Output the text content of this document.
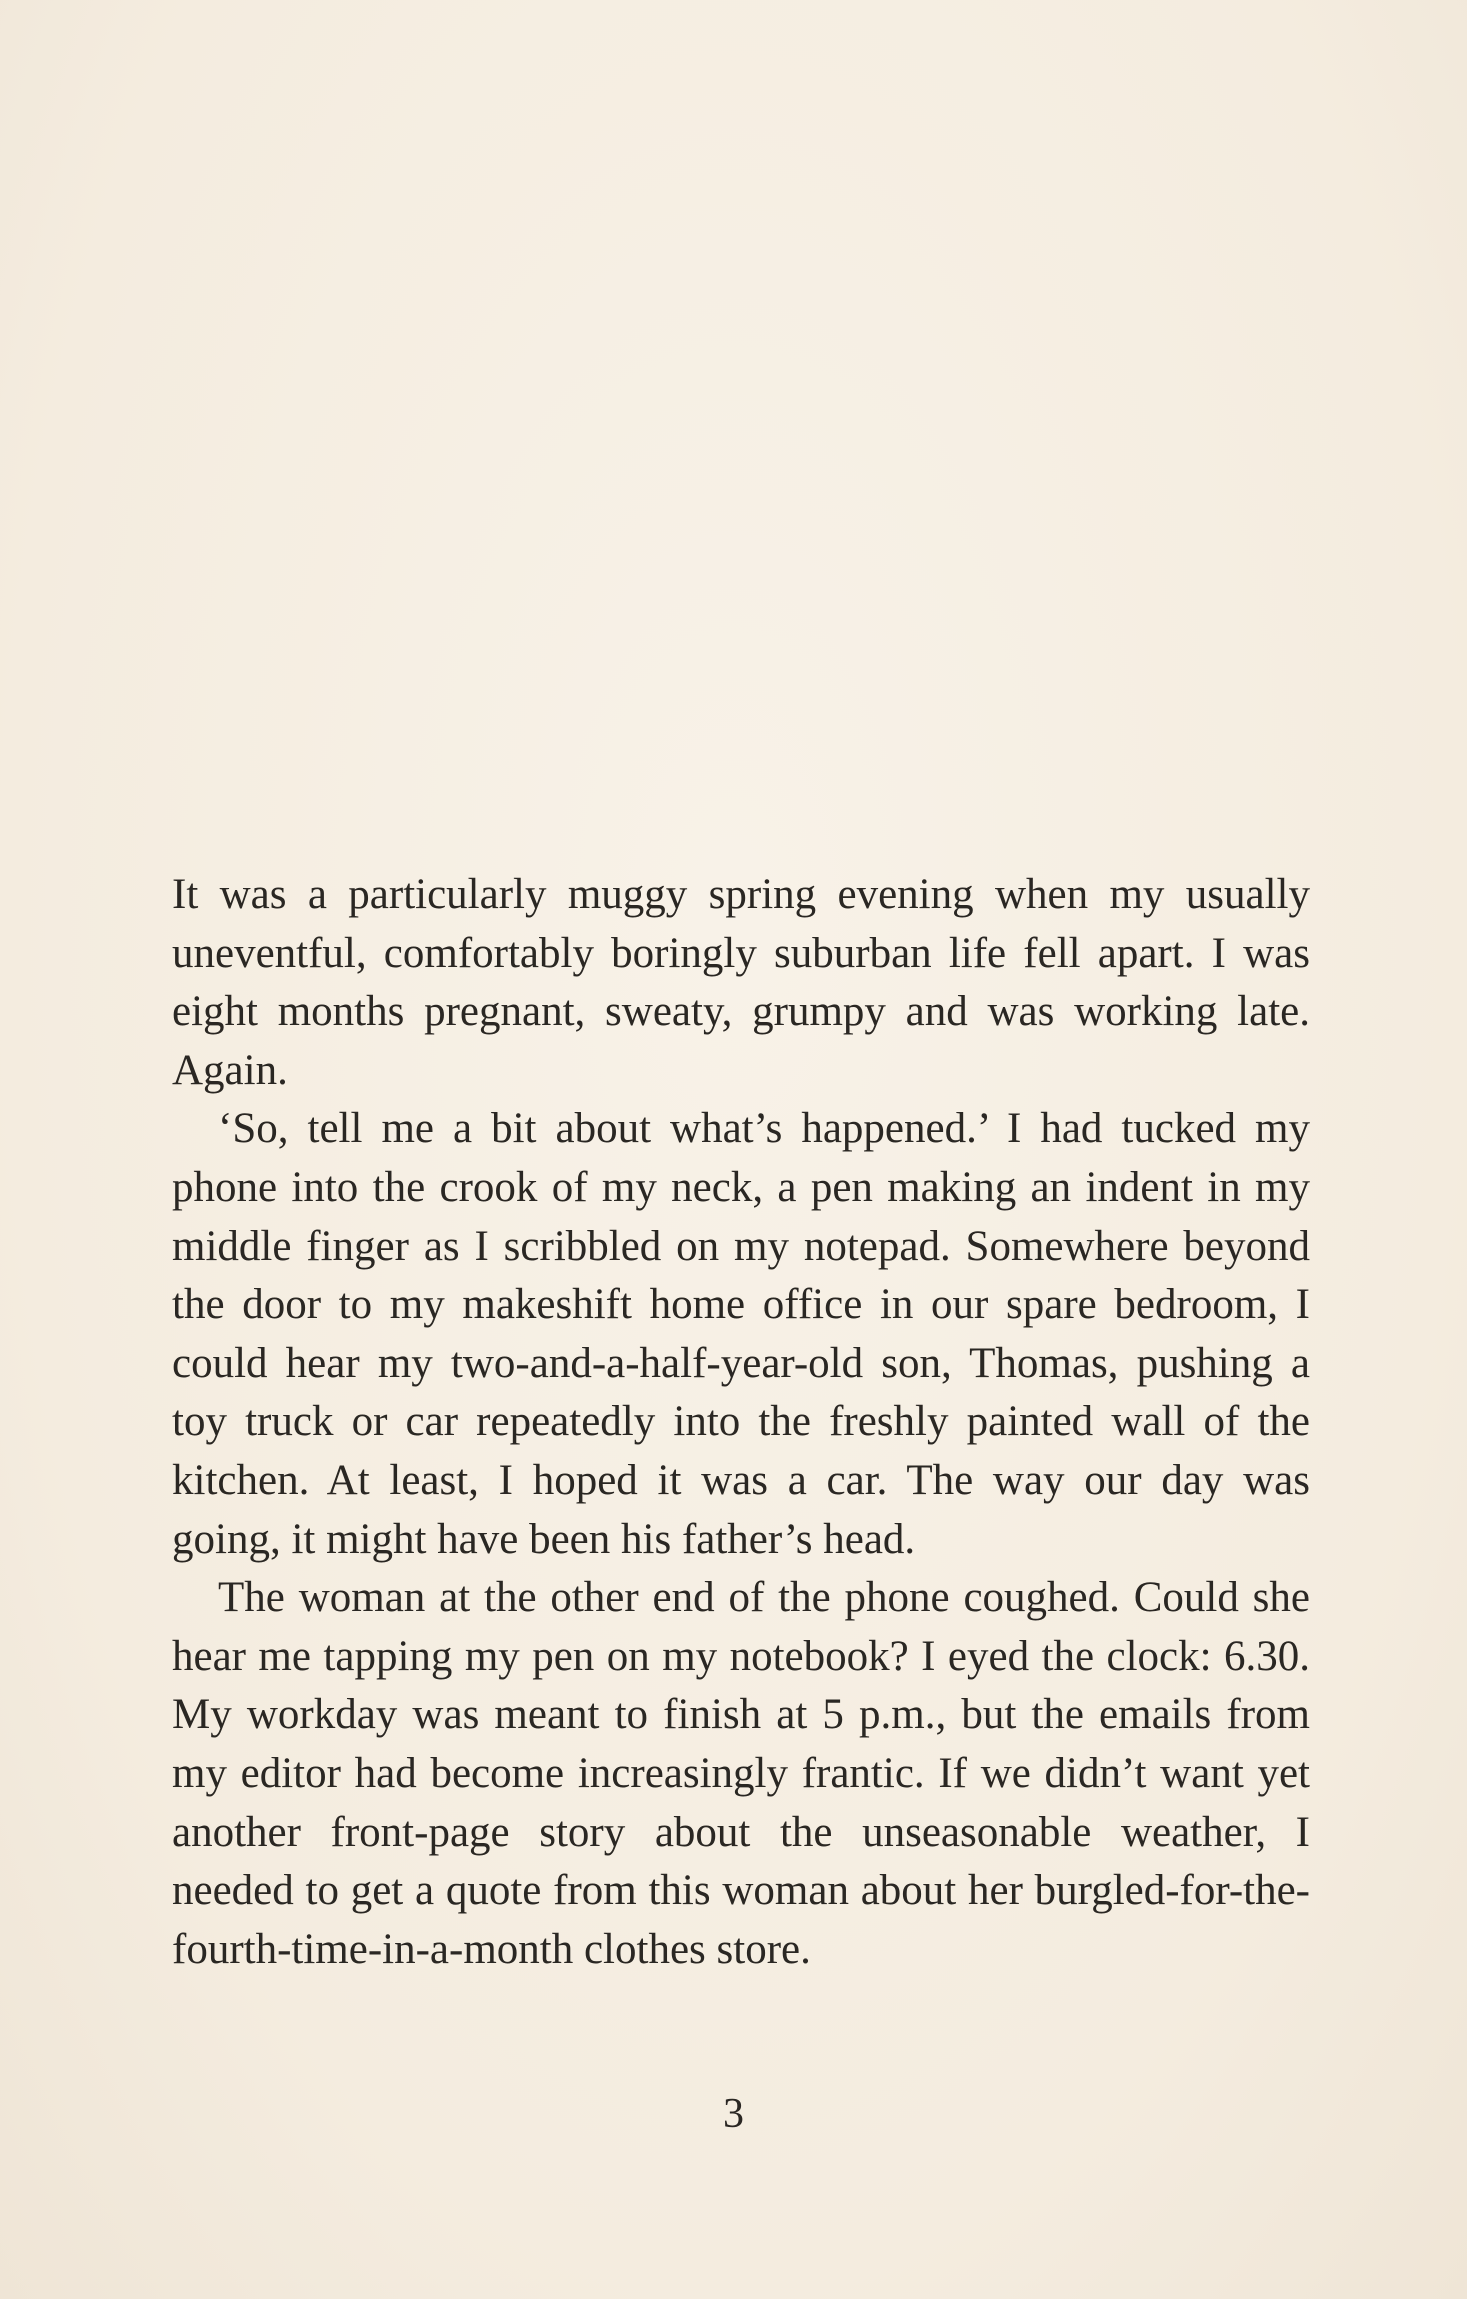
It was a particularly muggy spring evening when my usually uneventful, comfortably boringly suburban life fell apart. I was eight months pregnant, sweaty, grumpy and was working late. Again.

‘So, tell me a bit about what’s happened.’ I had tucked my phone into the crook of my neck, a pen making an indent in my middle finger as I scribbled on my notepad. Somewhere beyond the door to my makeshift home office in our spare bedroom, I could hear my two-and-a-half-year-old son, Thomas, pushing a toy truck or car repeatedly into the freshly painted wall of the kitchen. At least, I hoped it was a car. The way our day was going, it might have been his father’s head.

The woman at the other end of the phone coughed. Could she hear me tapping my pen on my notebook? I eyed the clock: 6.30. My workday was meant to finish at 5 p.m., but the emails from my editor had become increasingly frantic. If we didn’t want yet another front-page story about the unseasonable weather, I needed to get a quote from this woman about her burgled-for-the-fourth-time-in-a-month clothes store.

3
